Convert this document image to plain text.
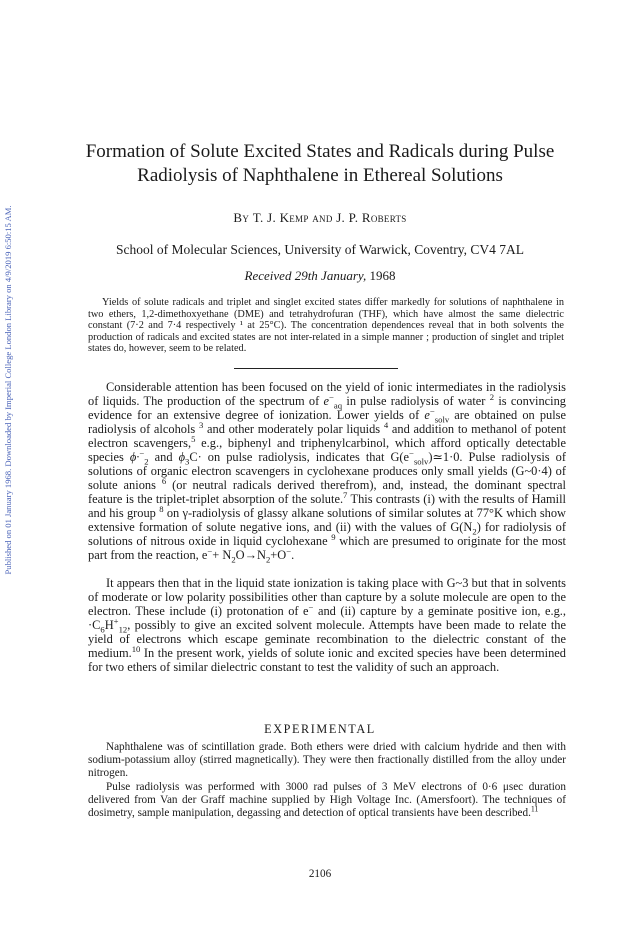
Published on 01 January 1968. Downloaded by Imperial College London Library on 4/9/2019 6:50:15 AM.
Formation of Solute Excited States and Radicals during Pulse
Radiolysis of Naphthalene in Ethereal Solutions
By T. J. Kemp and J. P. Roberts
School of Molecular Sciences, University of Warwick, Coventry, CV4 7AL
Received 29th January, 1968

Yields of solute radicals and triplet and singlet excited states differ markedly for solutions of naphthalene in two ethers, 1,2-dimethoxyethane (DME) and tetrahydrofuran (THF), which have almost the same dielectric constant (7·2 and 7·4 respectively ¹ at 25°C). The concentration dependences reveal that in both solvents the production of radicals and excited states are not inter-related in a simple manner ; production of singlet and triplet states do, however, seem to be related.

Considerable attention has been focused on the yield of ionic intermediates in the radiolysis of liquids. The production of the spectrum of $e^-_{aq}$ in pulse radiolysis of water $^2$ is convincing evidence for an extensive degree of ionization. Lower yields of $e^-_{solv}$ are obtained on pulse radiolysis of alcohols $^3$ and other moderately polar liquids $^4$ and addition to methanol of potent electron scavengers,$^5$ e.g., biphenyl and triphenylcarbinol, which afford optically detectable species $\phi\cdot^-_2$ and $\phi_3C\cdot$ on pulse radiolysis, indicates that $G(e^-_{solv})≃1\cdot 0$. Pulse radiolysis of solutions of organic electron scavengers in cyclohexane produces only small yields (G~0·4) of solute anions $^6$ (or neutral radicals derived therefrom), and, instead, the dominant spectral feature is the triplet-triplet absorption of the solute.$^7$ This contrasts (i) with the results of Hamill and his group $^8$ on γ-radiolysis of glassy alkane solutions of similar solutes at 77°K which show extensive formation of solute negative ions, and (ii) with the values of $G(N_2)$ for radiolysis of solutions of nitrous oxide in liquid cyclohexane $^9$ which are presumed to originate for the most part from the reaction, $e^-+ N_2O\to N_2+O^-$.

It appears then that in the liquid state ionization is taking place with G~3 but that in solvents of moderate or low polarity possibilities other than capture by a solute molecule are open to the electron. These include (i) protonation of e− and (ii) capture by a geminate positive ion, e.g., $\cdot C_6H^+_{12}$, possibly to give an excited solvent molecule. Attempts have been made to relate the yield of electrons which escape geminate recombination to the dielectric constant of the medium.$^{10}$ In the present work, yields of solute ionic and excited species have been determined for two ethers of similar dielectric constant to test the validity of such an approach.

EXPERIMENTAL

Naphthalene was of scintillation grade. Both ethers were dried with calcium hydride and then with sodium-potassium alloy (stirred magnetically). They were then fractionally distilled from the alloy under nitrogen.

Pulse radiolysis was performed with 3000 rad pulses of 3 MeV electrons of 0·6 μsec duration delivered from Van der Graff machine supplied by High Voltage Inc. (Amersfoort). The techniques of dosimetry, sample manipulation, degassing and detection of optical transients have been described.$^{11}$

2106
